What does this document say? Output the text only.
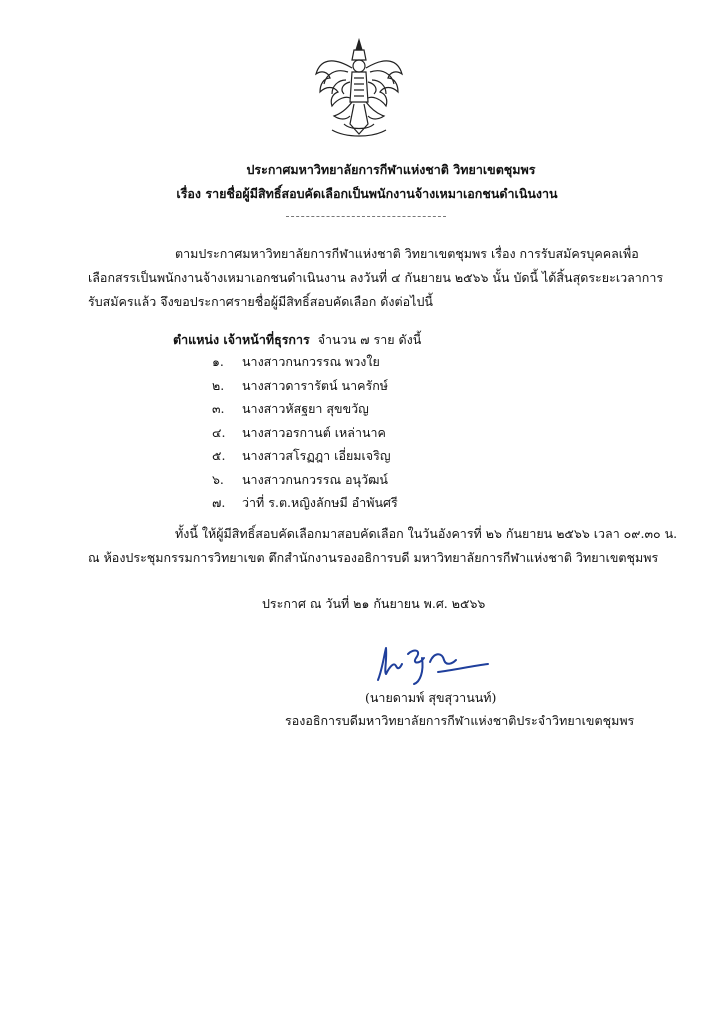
ประกาศมหาวิทยาลัยการกีฬาแห่งชาติ วิทยาเขตชุมพร
เรื่อง รายชื่อผู้มีสิทธิ์สอบคัดเลือกเป็นพนักงานจ้างเหมาเอกชนดำเนินงาน
ตามประกาศมหาวิทยาลัยการกีฬาแห่งชาติ วิทยาเขตชุมพร เรื่อง การรับสมัครบุคคลเพื่อ
เลือกสรรเป็นพนักงานจ้างเหมาเอกชนดำเนินงาน ลงวันที่ ๔ กันยายน ๒๕๖๖ นั้น บัดนี้ ได้สิ้นสุดระยะเวลาการ
รับสมัครแล้ว จึงขอประกาศรายชื่อผู้มีสิทธิ์สอบคัดเลือก ดังต่อไปนี้
ตำแหน่ง เจ้าหน้าที่ธุรการ จำนวน ๗ ราย ดังนี้
๑. นางสาวกนกวรรณ พวงใย
๒. นางสาวดารารัตน์ นาครักษ์
๓. นางสาวหัสฐยา สุขขวัญ
๔. นางสาวอรกานต์ เหล่านาค
๕. นางสาวสโรฏฎา เอี่ยมเจริญ
๖. นางสาวกนกวรรณ อนุวัฒน์
๗. ว่าที่ ร.ต.หญิงลักษมี อำพันศรี
ทั้งนี้ ให้ผู้มีสิทธิ์สอบคัดเลือกมาสอบคัดเลือก ในวันอังคารที่ ๒๖ กันยายน ๒๕๖๖ เวลา ๐๙.๓๐ น.
ณ ห้องประชุมกรรมการวิทยาเขต ตึกสำนักงานรองอธิการบดี มหาวิทยาลัยการกีฬาแห่งชาติ วิทยาเขตชุมพร
ประกาศ ณ วันที่ ๒๑ กันยายน พ.ศ. ๒๕๖๖
(นายดามพ์ สุขสุวานนท์)
รองอธิการบดีมหาวิทยาลัยการกีฬาแห่งชาติประจำวิทยาเขตชุมพร
